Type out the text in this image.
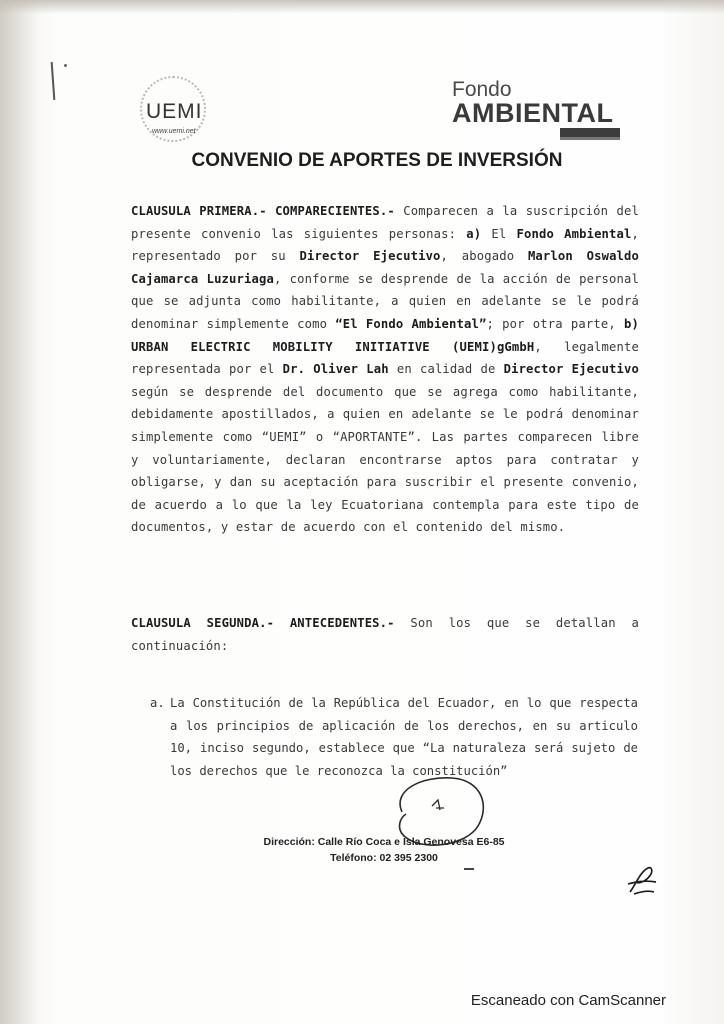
UEMI
www.uemi.net
Fondo
AMBIENTAL
CONVENIO DE APORTES DE INVERSIÓN
CLAUSULA PRIMERA.- COMPARECIENTES.- Comparecen a la suscripción del presente convenio las siguientes personas: a) El Fondo Ambiental, representado por su Director Ejecutivo, abogado Marlon Oswaldo Cajamarca Luzuriaga, conforme se desprende de la acción de personal que se adjunta como habilitante, a quien en adelante se le podrá denominar simplemente como “El Fondo Ambiental”; por otra parte, b) URBAN ELECTRIC MOBILITY INITIATIVE (UEMI)gGmbH, legalmente representada por el Dr. Oliver Lah en calidad de Director Ejecutivo según se desprende del documento que se agrega como habilitante, debidamente apostillados, a quien en adelante se le podrá denominar simplemente como “UEMI” o “APORTANTE”. Las partes comparecen libre y voluntariamente, declaran encontrarse aptos para contratar y obligarse, y dan su aceptación para suscribir el presente convenio, de acuerdo a lo que la ley Ecuatoriana contempla para este tipo de documentos, y estar de acuerdo con el contenido del mismo.
CLAUSULA SEGUNDA.- ANTECEDENTES.- Son los que se detallan a continuación:
a. La Constitución de la República del Ecuador, en lo que respecta a los principios de aplicación de los derechos, en su articulo 10, inciso segundo, establece que “La naturaleza será sujeto de los derechos que le reconozca la constitución”
Dirección: Calle Río Coca e Isla Genovesa E6-85
Teléfono: 02 395 2300
Escaneado con CamScanner
